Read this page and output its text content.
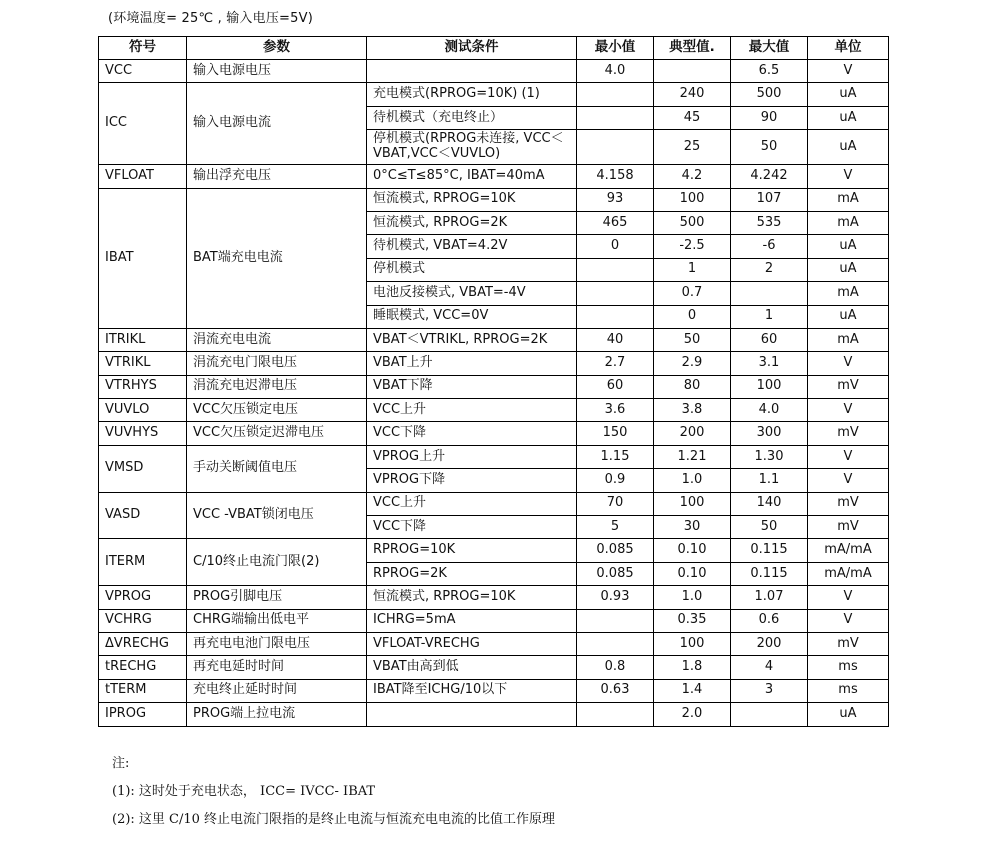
(环境温度= 25℃ , 输入电压=5V)
符号	参数	测试条件	最小值	典型值.	最大值	单位
VCC	输入电源电压		4.0		6.5	V
ICC	输入电源电流	充电模式(RPROG=10K) (1)		240	500	uA
		待机模式（充电终止）		45	90	uA
		停机模式(RPROG未连接, VCC＜VBAT,VCC＜VUVLO)		25	50	uA
VFLOAT	输出浮充电压	0°C≤T≤85°C, IBAT=40mA	4.158	4.2	4.242	V
IBAT	BAT端充电电流	恒流模式, RPROG=10K	93	100	107	mA
		恒流模式, RPROG=2K	465	500	535	mA
		待机模式, VBAT=4.2V	0	-2.5	-6	uA
		停机模式		1	2	uA
		电池反接模式, VBAT=-4V		0.7		mA
		睡眠模式, VCC=0V		0	1	uA
ITRIKL	涓流充电电流	VBAT＜VTRIKL, RPROG=2K	40	50	60	mA
VTRIKL	涓流充电门限电压	VBAT上升	2.7	2.9	3.1	V
VTRHYS	涓流充电迟滞电压	VBAT下降	60	80	100	mV
VUVLO	VCC欠压锁定电压	VCC上升	3.6	3.8	4.0	V
VUVHYS	VCC欠压锁定迟滞电压	VCC下降	150	200	300	mV
VMSD	手动关断阈值电压	VPROG上升	1.15	1.21	1.30	V
		VPROG下降	0.9	1.0	1.1	V
VASD	VCC -VBAT锁闭电压	VCC上升	70	100	140	mV
		VCC下降	5	30	50	mV
ITERM	C/10终止电流门限(2)	RPROG=10K	0.085	0.10	0.115	mA/mA
		RPROG=2K	0.085	0.10	0.115	mA/mA
VPROG	PROG引脚电压	恒流模式, RPROG=10K	0.93	1.0	1.07	V
VCHRG	CHRG端输出低电平	ICHRG=5mA		0.35	0.6	V
ΔVRECHG	再充电电池门限电压	VFLOAT-VRECHG		100	200	mV
tRECHG	再充电延时时间	VBAT由高到低	0.8	1.8	4	ms
tTERM	充电终止延时时间	IBAT降至ICHG/10以下	0.63	1.4	3	ms
IPROG	PROG端上拉电流			2.0		uA
注:
(1): 这时处于充电状态， ICC= IVCC- IBAT
(2): 这里 C/10 终止电流门限指的是终止电流与恒流充电电流的比值工作原理
